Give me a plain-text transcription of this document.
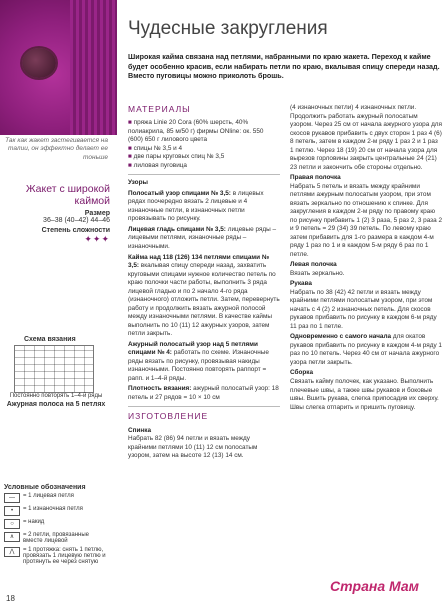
Так как жакет застегивается на талии, он эффектно делает ее тоньше
Жакет с широкой каймой
Размер
36–38 (40–42) 44–46
Степень сложности
✦✦✦
Схема вязания
Постоянно повторять 1–4-й ряды
Ажурная полоса на 5 петлях
Условные обозначения
—	= 1 лицевая петля
•	= 1 изнаночная петля
○	= накид
∧	= 2 петли, провязанные вместе лицевой
⋀	= 1 протяжка: снять 1 петлю, провязать 1 лицевую петлю и протянуть ее через снятую
18
Чудесные закругления
Широкая кайма связана над петлями, набранными по краю жакета. Переход к кайме будет особенно красив, если набирать петли по краю, вкалывая спицу спереди назад. Вместо пуговицы можно приколоть брошь.
МАТЕРИАЛЫ
■ пряжа Linie 20 Cora (60% шерсть, 40% полиакрила, 85 м/50 г) фирмы ONline: ок. 550 (600) 650 г лилового цвета
■ спицы № 3,5 и 4
■ две пары круговых спиц № 3,5
■ лиловая пуговица

Узоры

Полосатый узор спицами № 3,5: в лицевых рядах поочередно вязать 2 лицевые и 4 изнаночные петли, в изнаночных петли провязывать по рисунку.

Лицевая гладь спицами № 3,5: лицевые ряды – лицевыми петлями, изнаночные ряды – изнаночными.

Кайма над 118 (126) 134 петлями спицами № 3,5: вкалывая спицу спереди назад, захватить круговыми спицами нужное количество петель по краю полочки части работы, выполнить 3 ряда лицевой гладью и по 2 начало 4-го ряда (изнаночного) отложить петли. Затем, перевернуть работу и продолжить вязать ажурной полосой между изнаночными петлями. В качестве каймы выполнить по 10 (11) 12 ажурных узоров, затем петли закрыть.

Ажурный полосатый узор над 5 петлями спицами № 4: работать по схеме. Изнаночные ряды вязать по рисунку, провязывая накиды изнаночными. Постоянно повторять раппорт = рапп. и 1–4-й ряды.

Плотность вязания: ажурный полосатый узор: 18 петель и 27 рядов = 10 × 10 см

ИЗГОТОВЛЕНИЕ

Спинка
Набрать 82 (86) 94 петли и вязать между крайними петлями 10 (11) 12 см полосатым узором, затем на высоте 12 (13) 14 см.

(4 изнаночных петли) 4 изнаночных петли. Продолжить работать ажурный полосатым узором. Через 25 см от начала ажурного узора для скосов рукавов прибавить с двух сторон 1 раз 4 (6) 8 петель, затем в каждом 2-м ряду 1 раз 2 и 1 раз 1 петлю. Через 18 (19) 20 см от начала узора для вырезов горловины закрыть центральные 24 (21) 23 петли и закончить обе стороны отдельно.

Правая полочка
Набрать 5 петель и вязать между крайними петлями ажурным полосатым узором, при этом вязать зеркально по отношению к спинке. Для закругления в каждом 2-м ряду по правому краю по рисунку прибавить 1 (2) 3 раза, 5 раз 2, 3 раза 2 и 9 петель = 29 (34) 39 петель. По левому краю затем прибавить для 1-го размера в каждом 4-м ряду 1 раз по 1 и в каждом 5-м ряду 6 раз по 1 петле.

Левая полочка
Вязать зеркально.

Рукава
Набрать по 38 (42) 42 петли и вязать между крайними петлями полосатым узором, при этом начать с 4 (2) 2 изнаночных петель. Для скосов рукавов прибавить по рисунку в каждом 6-м ряду 11 раз по 1 петле.

Одновременно с самого начала для окатов рукавов прибавить по рисунку в каждом 4-м ряду 1 раз по 10 петель. Через 40 см от начала ажурного узора петли закрыть.

Сборка
Связать кайму полочек, как указано. Выполнить плечевые швы, а также швы рукавов и боковые швы. Вшить рукава, слегка припосадив их сверху. Швы слегка отпарить и пришить пуговицу.

Страна Мам
